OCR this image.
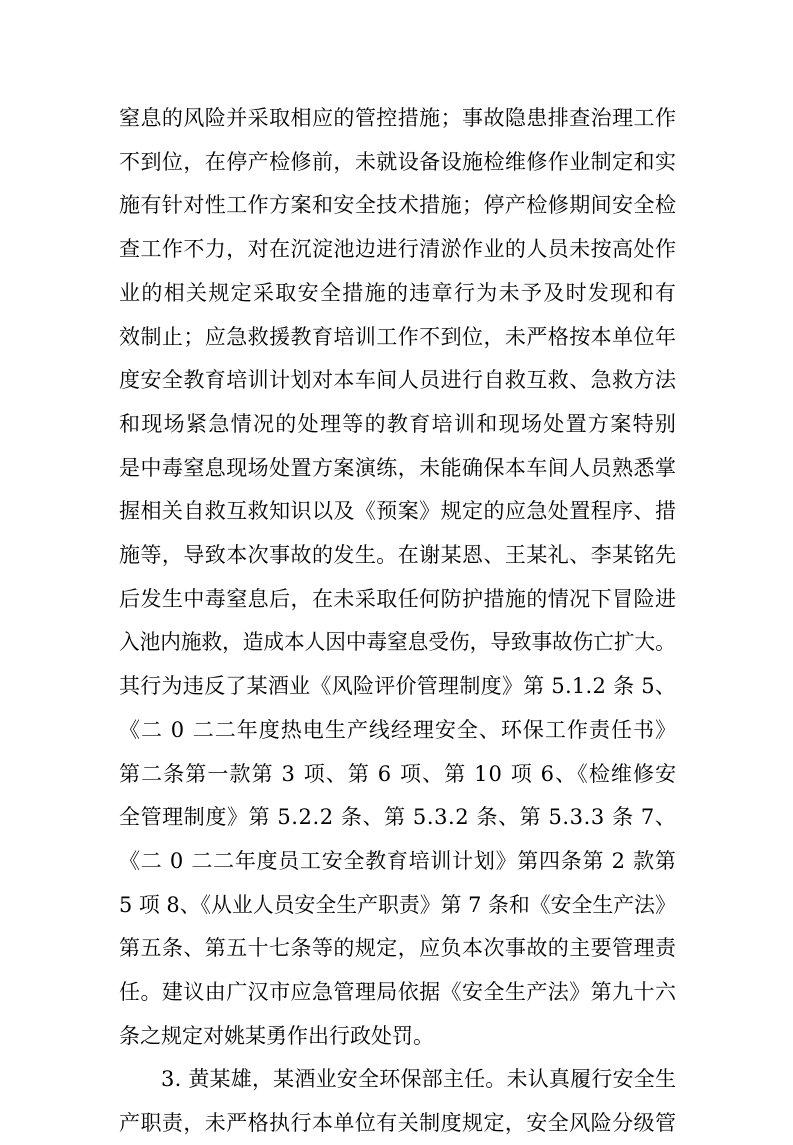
窒息的风险并采取相应的管控措施；事故隐患排查治理工作
不到位，在停产检修前，未就设备设施检维修作业制定和实
施有针对性工作方案和安全技术措施；停产检修期间安全检
查工作不力，对在沉淀池边进行清淤作业的人员未按高处作
业的相关规定采取安全措施的违章行为未予及时发现和有
效制止；应急救援教育培训工作不到位，未严格按本单位年
度安全教育培训计划对本车间人员进行自救互救、急救方法
和现场紧急情况的处理等的教育培训和现场处置方案特别
是中毒窒息现场处置方案演练，未能确保本车间人员熟悉掌
握相关自救互救知识以及《预案》规定的应急处置程序、措
施等，导致本次事故的发生。在谢某恩、王某礼、李某铭先
后发生中毒窒息后，在未采取任何防护措施的情况下冒险进
入池内施救，造成本人因中毒窒息受伤，导致事故伤亡扩大。
其行为违反了某酒业《风险评价管理制度》第 5.1.2 条 5、
《二 0 二二年度热电生产线经理安全、环保工作责任书》
第二条第一款第 3 项、第 6 项、第 10 项 6、《检维修安
全管理制度》第 5.2.2 条、第 5.3.2 条、第 5.3.3 条 7、
《二 0 二二年度员工安全教育培训计划》第四条第 2 款第
5 项 8、《从业人员安全生产职责》第 7 条和《安全生产法》
第五条、第五十七条等的规定，应负本次事故的主要管理责
任。建议由广汉市应急管理局依据《安全生产法》第九十六
条之规定对姚某勇作出行政处罚。
3. 黄某雄，某酒业安全环保部主任。未认真履行安全生
产职责，未严格执行本单位有关制度规定，安全风险分级管
